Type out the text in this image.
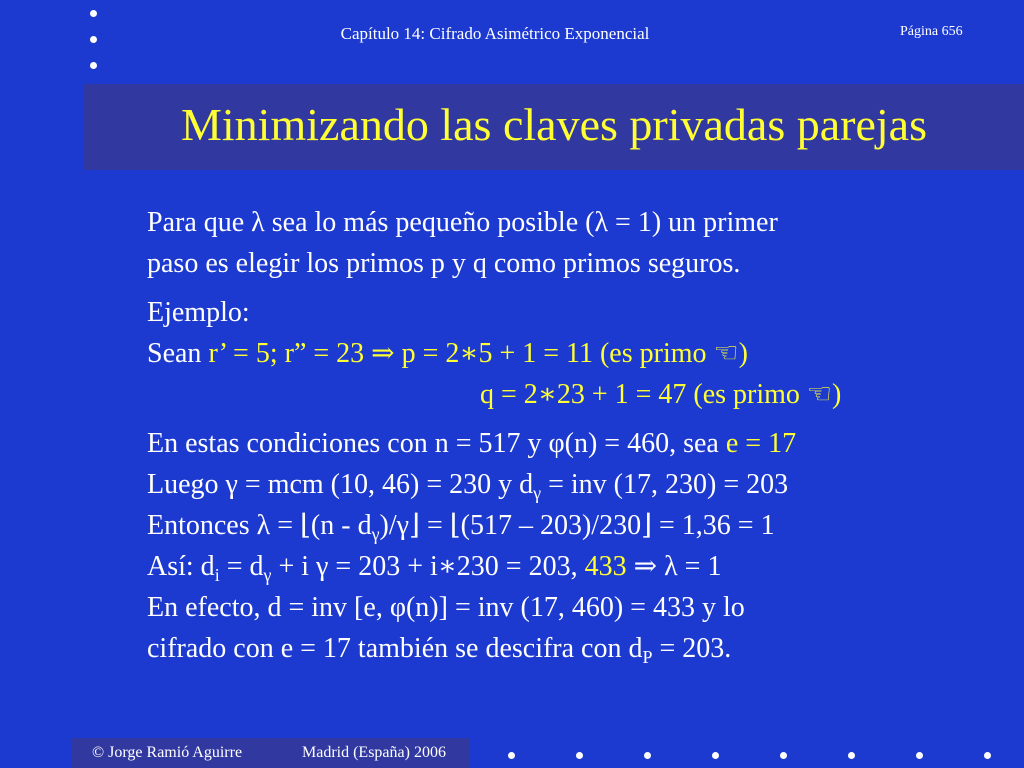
Capítulo 14: Cifrado Asimétrico Exponencial	Página 656
Minimizando las claves privadas parejas
Para que λ sea lo más pequeño posible (λ = 1) un primer
paso es elegir los primos p y q como primos seguros.
Ejemplo:
Sean r’ = 5; r” = 23 ⇒ p = 2∗5 + 1 = 11 (es primo ☜)
q = 2∗23 + 1 = 47 (es primo ☜)
En estas condiciones con n = 517 y φ(n) = 460, sea e = 17
Luego γ = mcm (10, 46) = 230 y $d_\gamma$ = inv (17, 230) = 203
Entonces λ = ⌊(n - $d_\gamma)/\gamma⌋$ = ⌊(517 – 203)/230⌋ = 1,36 = 1
Así: $d_i = d_\gamma + i$ γ = 203 + i∗230 = 203, 433 ⇒ λ = 1
En efecto, d = inv [e, φ(n)] = inv (17, 460) = 433 y lo
cifrado con e = 17 también se descifra con $d_P = 203$.
© Jorge Ramió Aguirre	Madrid (España) 2006
